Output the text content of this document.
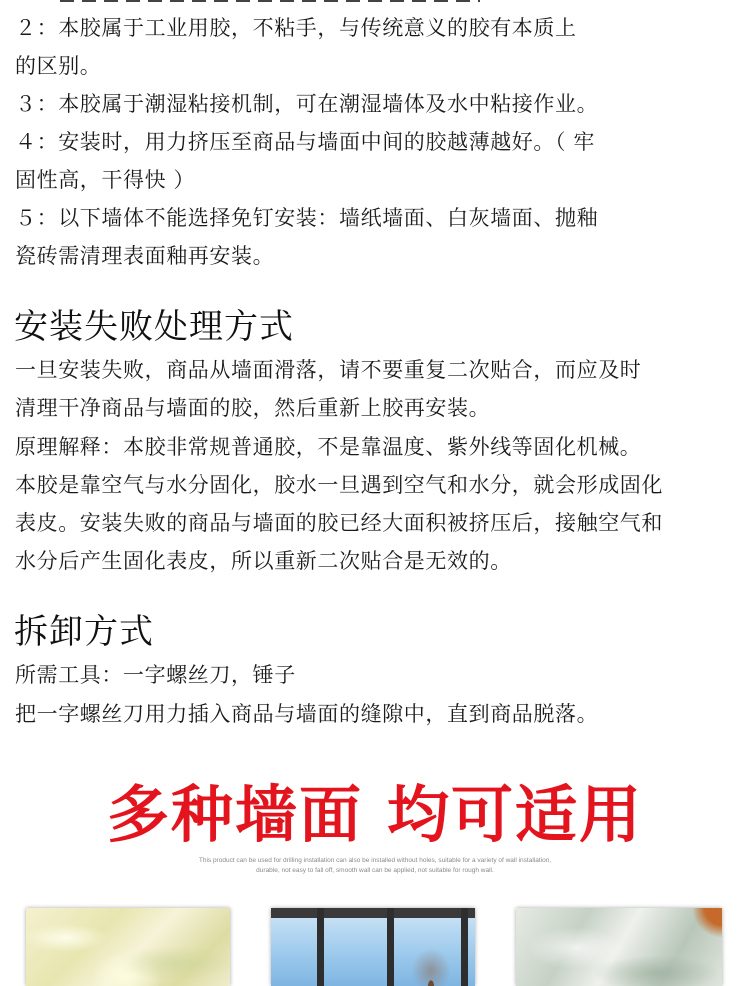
２：本胶属于工业用胶，不粘手，与传统意义的胶有本质上
的区别。
３：本胶属于潮湿粘接机制，可在潮湿墙体及水中粘接作业。
４：安装时，用力挤压至商品与墙面中间的胶越薄越好。（ 牢
固性高，干得快 ）
５：以下墙体不能选择免钉安装：墙纸墙面、白灰墙面、抛釉
瓷砖需清理表面釉再安装。
安装失败处理方式
一旦安装失败，商品从墙面滑落，请不要重复二次贴合，而应及时
清理干净商品与墙面的胶，然后重新上胶再安装。
原理解释：本胶非常规普通胶，不是靠温度、紫外线等固化机械。
本胶是靠空气与水分固化，胶水一旦遇到空气和水分，就会形成固化
表皮。安装失败的商品与墙面的胶已经大面积被挤压后，接触空气和
水分后产生固化表皮，所以重新二次贴合是无效的。
拆卸方式
所需工具：一字螺丝刀，锤子
把一字螺丝刀用力插入商品与墙面的缝隙中，直到商品脱落。
多种墙面 均可适用
This product can be used for drilling installation can also be installed without holes, suitable for a variety of wall installation,
durable, not easy to fall off, smooth wall can be applied, not suitable for rough wall.
